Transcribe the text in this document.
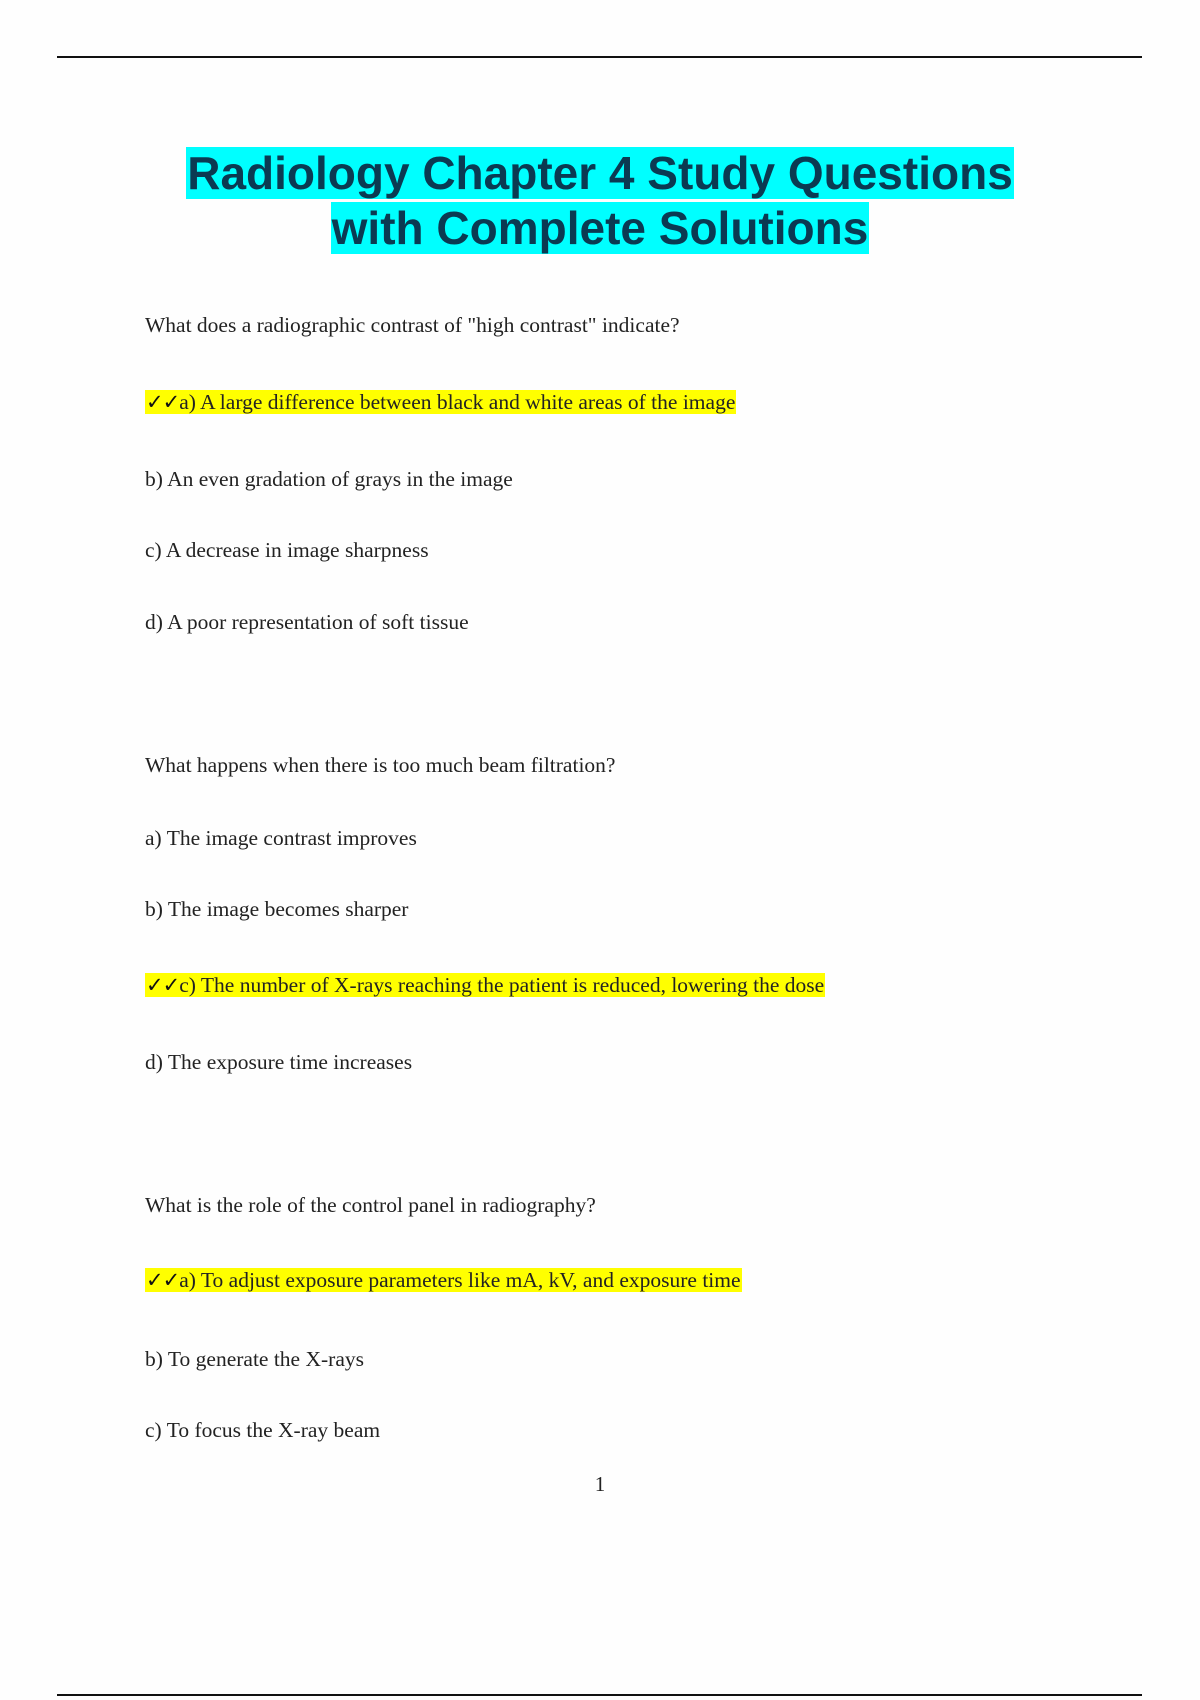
Radiology Chapter 4 Study Questions
with Complete Solutions
What does a radiographic contrast of "high contrast" indicate?
✓✓a) A large difference between black and white areas of the image
b) An even gradation of grays in the image
c) A decrease in image sharpness
d) A poor representation of soft tissue
What happens when there is too much beam filtration?
a) The image contrast improves
b) The image becomes sharper
✓✓c) The number of X-rays reaching the patient is reduced, lowering the dose
d) The exposure time increases
What is the role of the control panel in radiography?
✓✓a) To adjust exposure parameters like mA, kV, and exposure time
b) To generate the X-rays
c) To focus the X-ray beam
1
